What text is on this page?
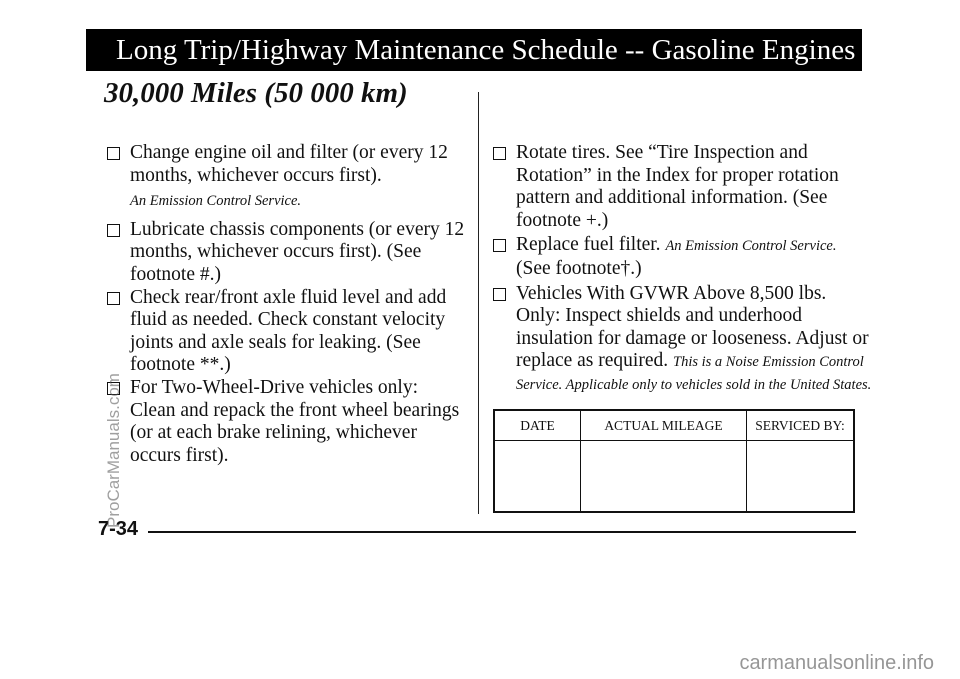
Long Trip/Highway Maintenance Schedule -- Gasoline Engines
30,000 Miles (50 000 km)
Change engine oil and filter (or every 12 months, whichever occurs first).
An Emission Control Service.
Lubricate chassis components (or every 12 months, whichever occurs first). (See footnote #.)
Check rear/front axle fluid level and add fluid as needed. Check constant velocity joints and axle seals for leaking. (See footnote **.)
For Two-Wheel-Drive vehicles only: Clean and repack the front wheel bearings (or at each brake relining, whichever occurs first).
Rotate tires. See “Tire Inspection and Rotation” in the Index for proper rotation pattern and additional information. (See footnote +.)
Replace fuel filter. An Emission Control Service. (See footnote†.)
Vehicles With GVWR Above 8,500 lbs. Only: Inspect shields and underhood insulation for damage or looseness. Adjust or replace as required. This is a Noise Emission Control Service. Applicable only to vehicles sold in the United States.
DATE	ACTUAL MILEAGE	SERVICED BY:
7-34
ProCarManuals.com
carmanualsonline.info
